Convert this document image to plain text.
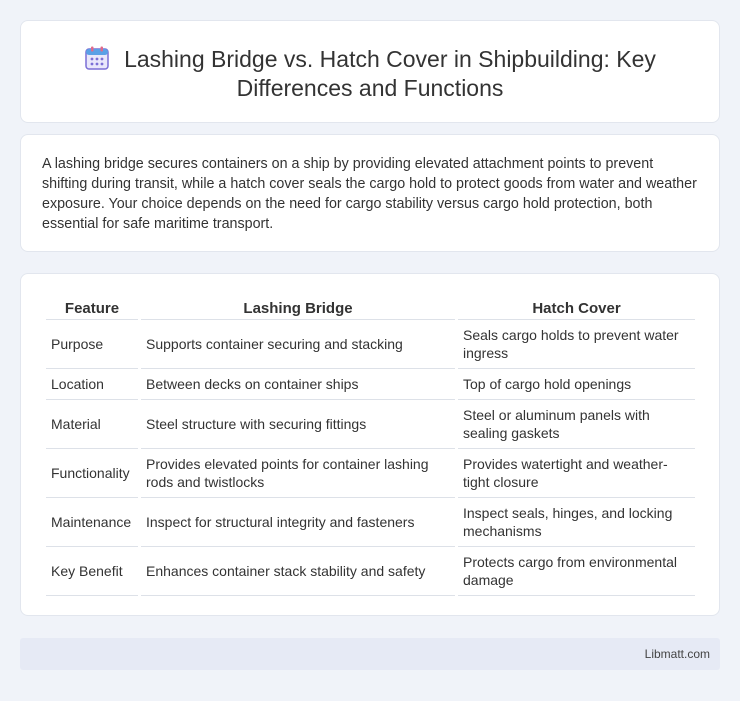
Lashing Bridge vs. Hatch Cover in Shipbuilding: Key Differences and Functions

A lashing bridge secures containers on a ship by providing elevated attachment points to prevent shifting during transit, while a hatch cover seals the cargo hold to protect goods from water and weather exposure. Your choice depends on the need for cargo stability versus cargo hold protection, both essential for safe maritime transport.

Feature	Lashing Bridge	Hatch Cover
Purpose	Supports container securing and stacking	Seals cargo holds to prevent water ingress
Location	Between decks on container ships	Top of cargo hold openings
Material	Steel structure with securing fittings	Steel or aluminum panels with sealing gaskets
Functionality	Provides elevated points for container lashing rods and twistlocks	Provides watertight and weather-tight closure
Maintenance	Inspect for structural integrity and fasteners	Inspect seals, hinges, and locking mechanisms
Key Benefit	Enhances container stack stability and safety	Protects cargo from environmental damage
Libmatt.com
